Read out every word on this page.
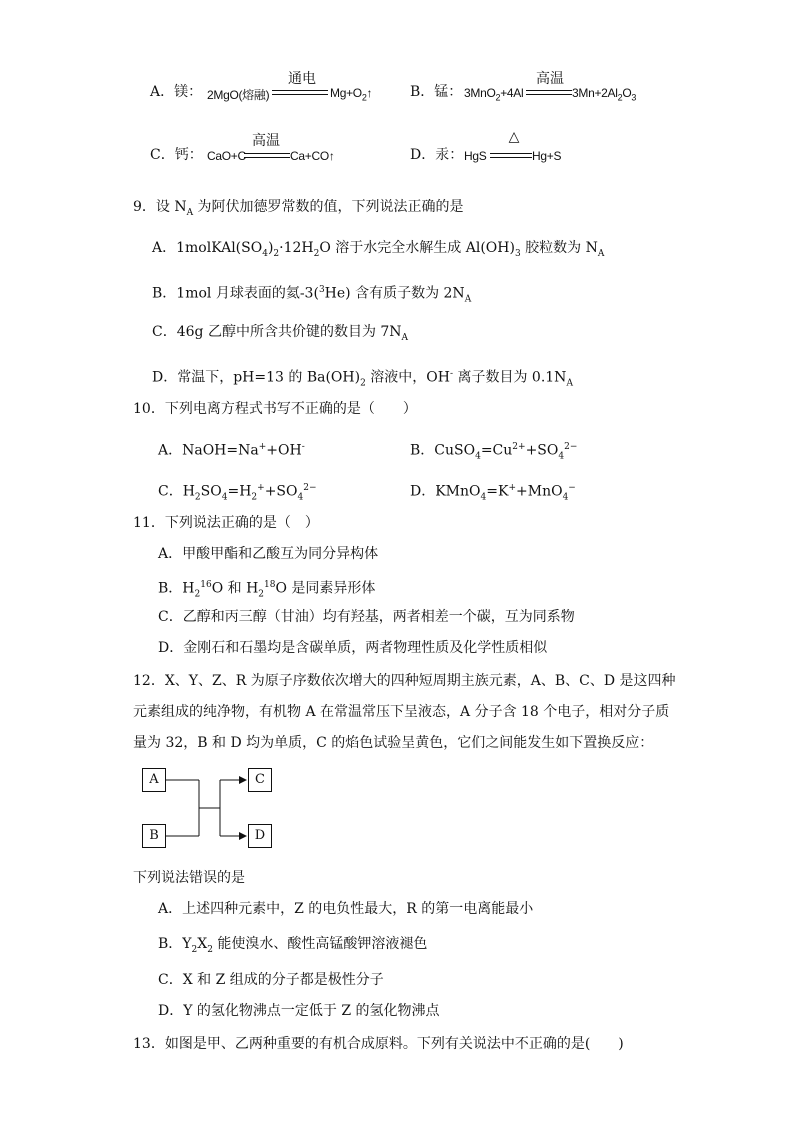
A．镁： 2MgO(熔融)
通电
$Mg+O_2↑$	B．锰： 3MnO$_2$+4Al
高温
$3Mn+2Al_2O_3$
C．钙： CaO+C
高温
Ca+CO↑	D．汞： HgS
△
Hg+S
9．设 $N_A$ 为阿伏加德罗常数的值，下列说法正确的是
A．$1molKAl(SO_4)_2\cdot 12H_2O$ 溶于水完全水解生成 $Al(OH)_3$ 胶粒数为 $N_A$
B．1mol 月球表面的氦-3($^3$He) 含有质子数为 $2N_A$
C．46g 乙醇中所含共价键的数目为 $7N_A$
D．常温下，pH=13 的 $Ba(OH)_2$ 溶液中，OH- 离子数目为 $0.1N_A$
10．下列电离方程式书写不正确的是（　　）
A．NaOH=Na++OH-	B．$CuSO_4=Cu^{2+}+SO_4^{2-}$
C．$H_2SO_4=H_2^++SO_4^{2-}$	D．KMnO$_4$=K++MnO$_4$−
11．下列说法正确的是（　）
A．甲酸甲酯和乙酸互为同分异构体
B．$H_2^{16}O$ 和 $H_2^{18}O$ 是同素异形体
C．乙醇和丙三醇（甘油）均有羟基，两者相差一个碳，互为同系物
D．金刚石和石墨均是含碳单质，两者物理性质及化学性质相似
12．X、Y、Z、R 为原子序数依次增大的四种短周期主族元素，A、B、C、D 是这四种
元素组成的纯净物，有机物 A 在常温常压下呈液态，A 分子含 18 个电子，相对分子质
量为 32，B 和 D 均为单质，C 的焰色试验呈黄色，它们之间能发生如下置换反应：
A
B
C
D
下列说法错误的是
A．上述四种元素中，Z 的电负性最大，R 的第一电离能最小
B．$Y_2X_2$ 能使溴水、酸性高锰酸钾溶液褪色
C．X 和 Z 组成的分子都是极性分子
D．Y 的氢化物沸点一定低于 Z 的氢化物沸点
13．如图是甲、乙两种重要的有机合成原料。下列有关说法中不正确的是(　　)
